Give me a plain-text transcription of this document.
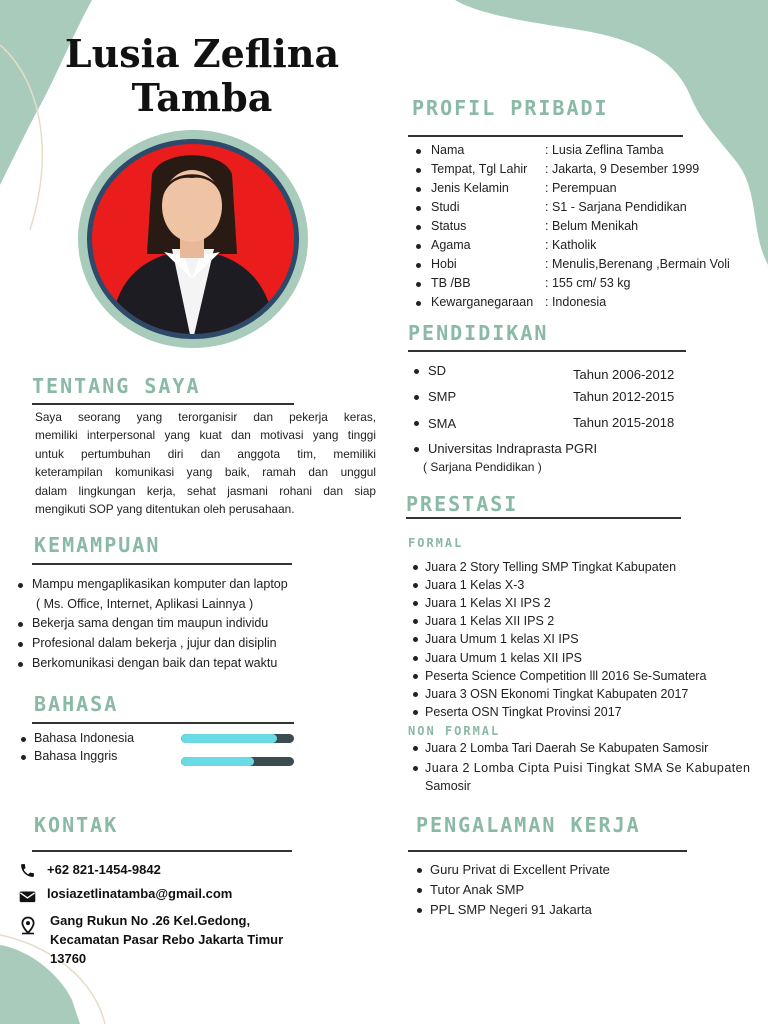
Lusia Zeflina
Tamba	PROFIL PRIBADI
Nama	: Lusia Zeflina Tamba
Tempat, Tgl Lahir : Jakarta, 9 Desember 1999
Jenis Kelamin	: Perempuan
Studi	: S1 - Sarjana Pendidikan
Status	: Belum Menikah
Agama	: Katholik
Hobi	: Menulis,Berenang ,Bermain Voli
TB /BB	: 155 cm/ 53 kg
Kewarganegaraan : Indonesia
PENDIDIKAN
SD	Tahun 2006-2012
SMP	Tahun 2012-2015
SMA	Tahun 2015-2018
Universitas Indraprasta PGRI
( Sarjana Pendidikan )
TENTANG SAYA
Saya seorang yang terorganisir dan pekerja keras,
memiliki interpersonal yang kuat dan motivasi yang tinggi
untuk pertumbuhan diri dan anggota tim, memiliki
keterampilan komunikasi yang baik, ramah dan unggul
dalam lingkungan kerja, sehat jasmani rohani dan siap
mengikuti SOP yang ditentukan oleh perusahaan.
KEMAMPUAN
Mampu mengaplikasikan komputer dan laptop
( Ms. Office, Internet, Aplikasi Lainnya )
Bekerja sama dengan tim maupun individu
Profesional dalam bekerja , jujur dan disiplin
Berkomunikasi dengan baik dan tepat waktu
BAHASA
Bahasa Indonesia
Bahasa Inggris
PRESTASI
FORMAL
Juara 2 Story Telling SMP Tingkat Kabupaten
Juara 1 Kelas X-3
Juara 1 Kelas XI IPS 2
Juara 1 Kelas XII IPS 2
Juara Umum 1 kelas XI IPS
Juara Umum 1 kelas XII IPS
Peserta Science Competition lll 2016 Se-Sumatera
Juara 3 OSN Ekonomi Tingkat Kabupaten 2017
Peserta OSN Tingkat Provinsi 2017
NON FORMAL
Juara 2 Lomba Tari Daerah Se Kabupaten Samosir
Juara 2 Lomba Cipta Puisi Tingkat SMA Se Kabupaten
Samosir
KONTAK
+62 821-1454-9842
losiazetlinatamba@gmail.com
Gang Rukun No .26 Kel.Gedong,
Kecamatan Pasar Rebo Jakarta Timur
13760
PENGALAMAN KERJA
Guru Privat di Excellent Private
Tutor Anak SMP
PPL SMP Negeri 91 Jakarta
